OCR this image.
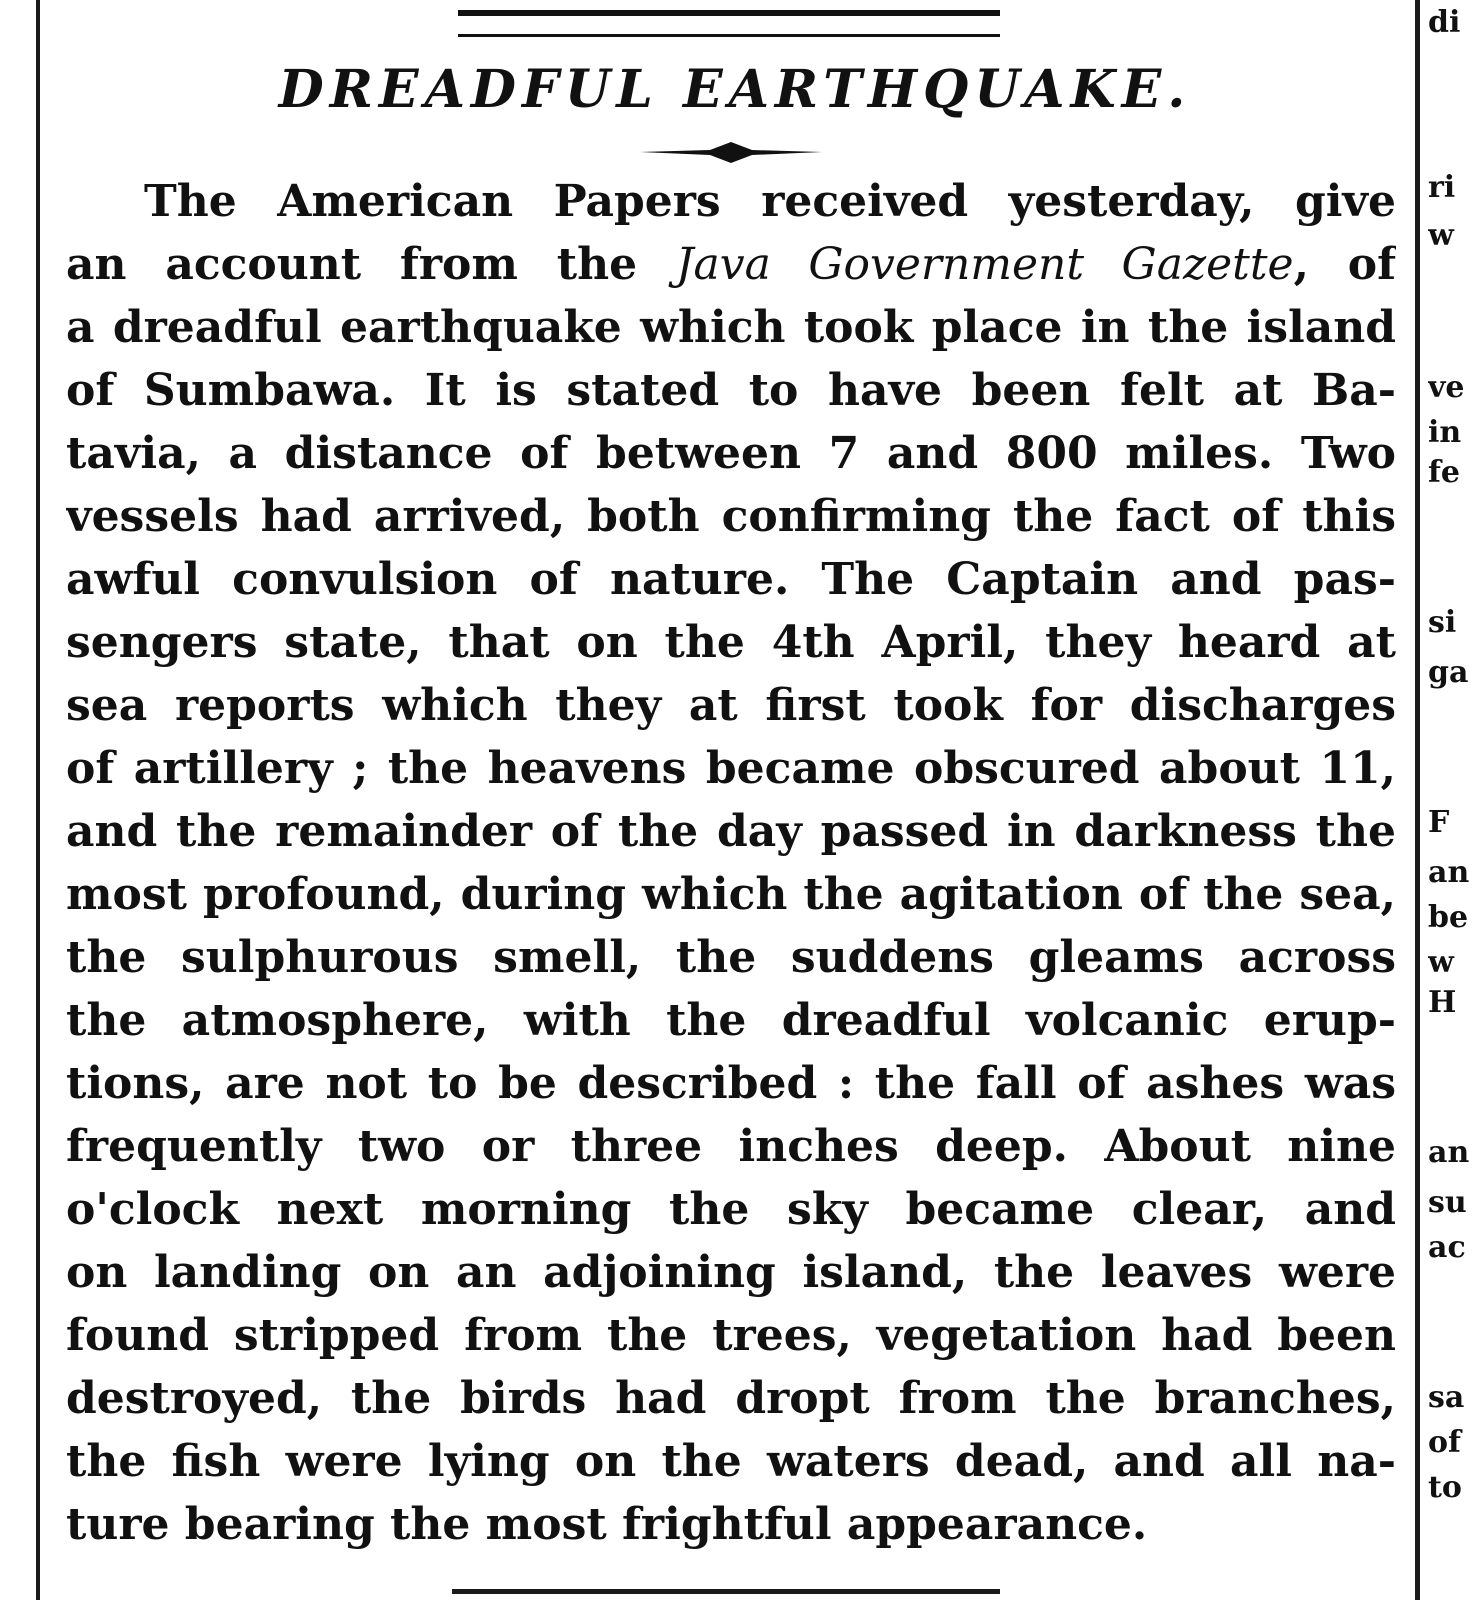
DREADFUL EARTHQUAKE.
The American Papers received yesterday, give
an account from the Java Government Gazette, of
a dreadful earthquake which took place in the island
of Sumbawa. It is stated to have been felt at Ba-
tavia, a distance of between 7 and 800 miles. Two
vessels had arrived, both confirming the fact of this
awful convulsion of nature. The Captain and pas-
sengers state, that on the 4th April, they heard at
sea reports which they at first took for discharges
of artillery ; the heavens became obscured about 11,
and the remainder of the day passed in darkness the
most profound, during which the agitation of the sea,
the sulphurous smell, the suddens gleams across
the atmosphere, with the dreadful volcanic erup-
tions, are not to be described : the fall of ashes was
frequently two or three inches deep. About nine
o'clock next morning the sky became clear, and
on landing on an adjoining island, the leaves were
found stripped from the trees, vegetation had been
destroyed, the birds had dropt from the branches,
the fish were lying on the waters dead, and all na-
ture bearing the most frightful appearance.
di
ri
w
ve
in
fe
si
ga
F
an
be
w
H
an
su
ac
sa
of
to
